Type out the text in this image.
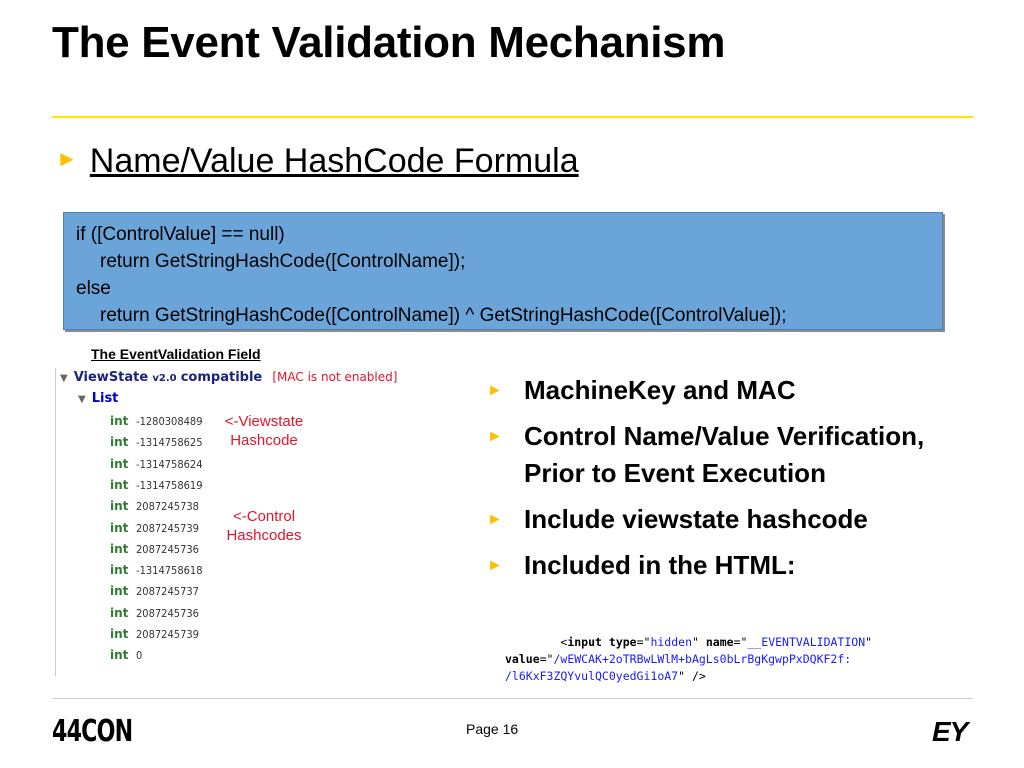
The Event Validation Mechanism
► Name/Value HashCode Formula
if ([ControlValue] == null)
return GetStringHashCode([ControlName]);
else
return GetStringHashCode([ControlName]) ^ GetStringHashCode([ControlValue]);
The EventValidation Field
▼ ViewState v2.0 compatible [MAC is not enabled]
▼ List
int -1280308489
int -1314758625
int -1314758624
int -1314758619
int 2087245738
int 2087245739
int 2087245736
int -1314758618
int 2087245737
int 2087245736
int 2087245739
int 0
<-Viewstate
Hashcode
<-Control
Hashcodes
► MachineKey and MAC
► Control Name/Value Verification, Prior to Event Execution
► Include viewstate hashcode
► Included in the HTML:
<input type="hidden" name="__EVENTVALIDATION"
value="/wEWCAK+2oTRBwLWlM+bAgLs0bLrBgKgwpPxDQKF2f:
/l6KxF3ZQYvulQC0yedGi1oA7" />
44CON	Page 16	EY
